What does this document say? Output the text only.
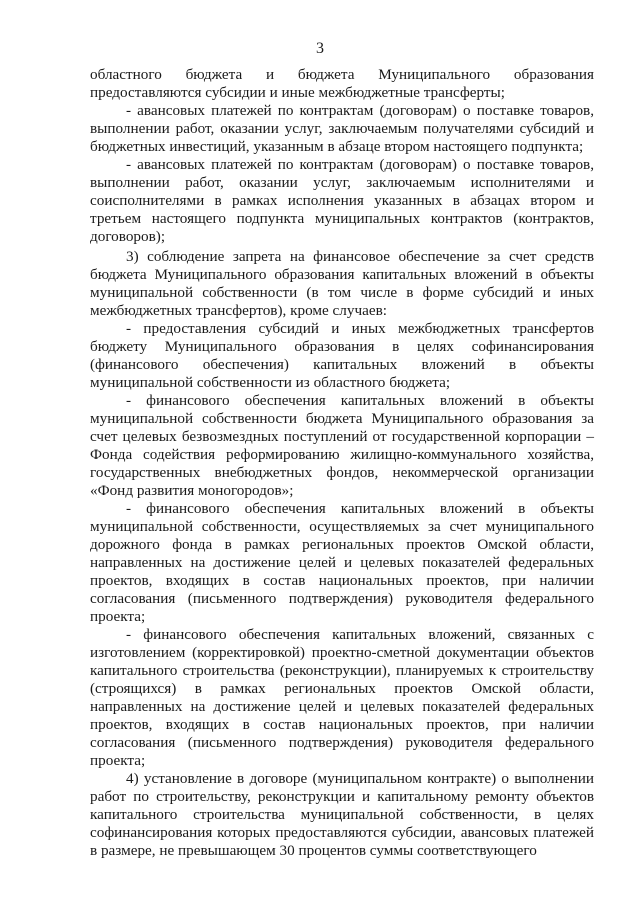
3

областного бюджета и бюджета Муниципального образования предоставляются субсидии и иные межбюджетные трансферты;

- авансовых платежей по контрактам (договорам) о поставке товаров, выполнении работ, оказании услуг, заключаемым получателями субсидий и бюджетных инвестиций, указанным в абзаце втором настоящего подпункта;

- авансовых платежей по контрактам (договорам) о поставке товаров, выполнении работ, оказании услуг, заключаемым исполнителями и соисполнителями в рамках исполнения указанных в абзацах втором и третьем настоящего подпункта муниципальных контрактов (контрактов, договоров);

3) соблюдение запрета на финансовое обеспечение за счет средств бюджета Муниципального образования капитальных вложений в объекты муниципальной собственности (в том числе в форме субсидий и иных межбюджетных трансфертов), кроме случаев:

- предоставления субсидий и иных межбюджетных трансфертов бюджету Муниципального образования в целях софинансирования (финансового обеспечения) капитальных вложений в объекты муниципальной собственности из областного бюджета;

- финансового обеспечения капитальных вложений в объекты муниципальной собственности бюджета Муниципального образования за счет целевых безвозмездных поступлений от государственной корпорации – Фонда содействия реформированию жилищно-коммунального хозяйства, государственных внебюджетных фондов, некоммерческой организации «Фонд развития моногородов»;

- финансового обеспечения капитальных вложений в объекты муниципальной собственности, осуществляемых за счет муниципального дорожного фонда в рамках региональных проектов Омской области, направленных на достижение целей и целевых показателей федеральных проектов, входящих в состав национальных проектов, при наличии согласования (письменного подтверждения) руководителя федерального проекта;

- финансового обеспечения капитальных вложений, связанных с изготовлением (корректировкой) проектно-сметной документации объектов капитального строительства (реконструкции), планируемых к строительству (строящихся) в рамках региональных проектов Омской области, направленных на достижение целей и целевых показателей федеральных проектов, входящих в состав национальных проектов, при наличии согласования (письменного подтверждения) руководителя федерального проекта;

4) установление в договоре (муниципальном контракте) о выполнении работ по строительству, реконструкции и капитальному ремонту объектов капитального строительства муниципальной собственности, в целях софинансирования которых предоставляются субсидии, авансовых платежей в размере, не превышающем 30 процентов суммы соответствующего
